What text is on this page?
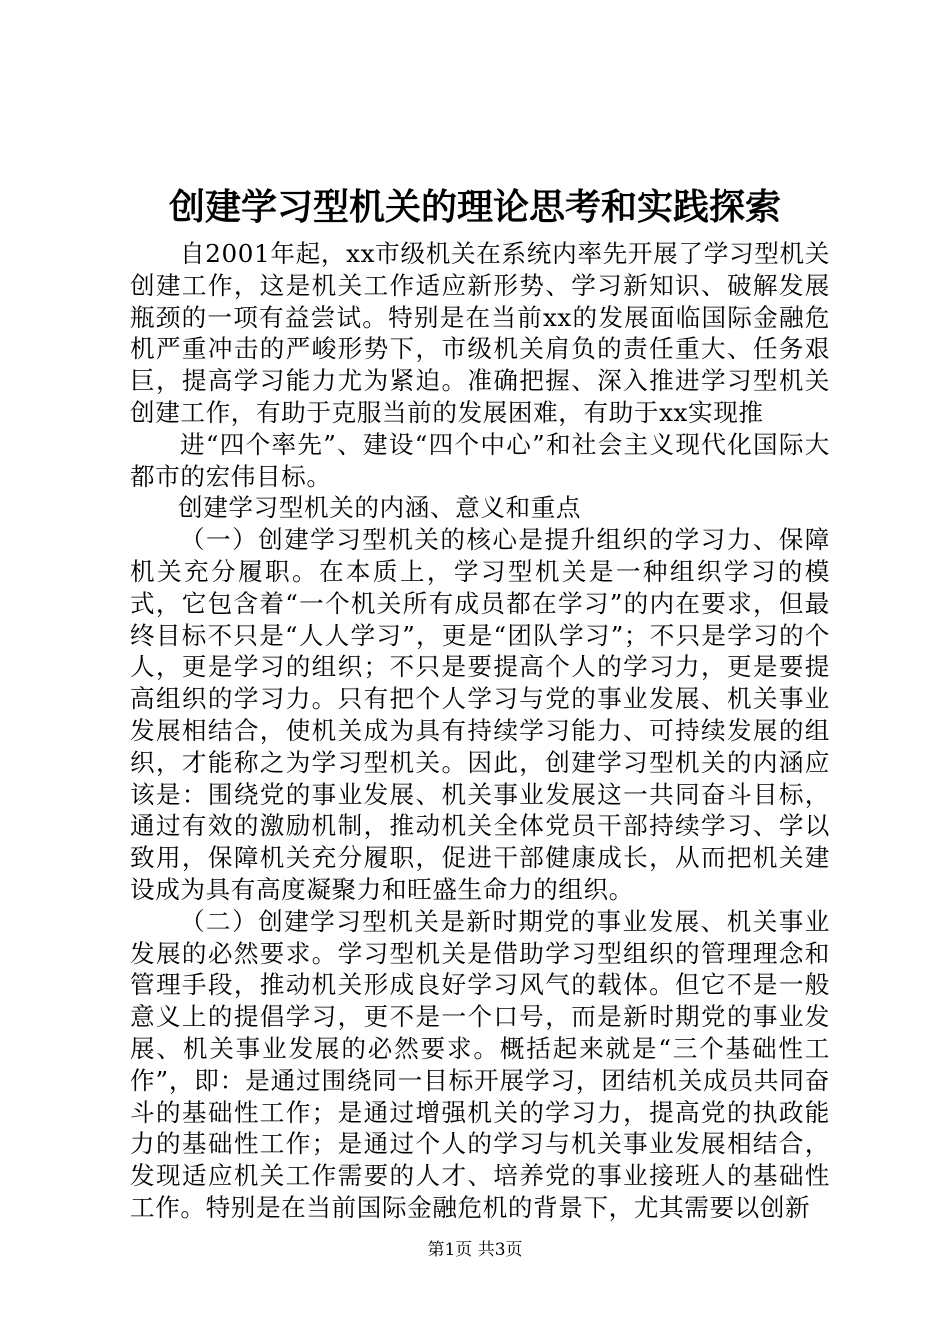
创建学习型机关的理论思考和实践探索

自2001年起，xx市级机关在系统内率先开展了学习型机关创建工作，这是机关工作适应新形势、学习新知识、破解发展瓶颈的一项有益尝试。特别是在当前xx的发展面临国际金融危机严重冲击的严峻形势下，市级机关肩负的责任重大、任务艰巨，提高学习能力尤为紧迫。准确把握、深入推进学习型机关创建工作，有助于克服当前的发展困难，有助于xx实现推

进“四个率先”、建设“四个中心”和社会主义现代化国际大都市的宏伟目标。

创建学习型机关的内涵、意义和重点

（一）创建学习型机关的核心是提升组织的学习力、保障机关充分履职。在本质上，学习型机关是一种组织学习的模式，它包含着“一个机关所有成员都在学习”的内在要求，但最终目标不只是“人人学习”，更是“团队学习”；不只是学习的个人，更是学习的组织；不只是要提高个人的学习力，更是要提高组织的学习力。只有把个人学习与党的事业发展、机关事业发展相结合，使机关成为具有持续学习能力、可持续发展的组织，才能称之为学习型机关。因此，创建学习型机关的内涵应该是：围绕党的事业发展、机关事业发展这一共同奋斗目标，通过有效的激励机制，推动机关全体党员干部持续学习、学以致用，保障机关充分履职，促进干部健康成长，从而把机关建设成为具有高度凝聚力和旺盛生命力的组织。

（二）创建学习型机关是新时期党的事业发展、机关事业发展的必然要求。学习型机关是借助学习型组织的管理理念和管理手段，推动机关形成良好学习风气的载体。但它不是一般意义上的提倡学习，更不是一个口号，而是新时期党的事业发展、机关事业发展的必然要求。概括起来就是“三个基础性工作”，即：是通过围绕同一目标开展学习，团结机关成员共同奋斗的基础性工作；是通过增强机关的学习力，提高党的执政能力的基础性工作；是通过个人的学习与机关事业发展相结合，发现适应机关工作需要的人才、培养党的事业接班人的基础性工作。特别是在当前国际金融危机的背景下，尤其需要以创新

第1页 共3页
